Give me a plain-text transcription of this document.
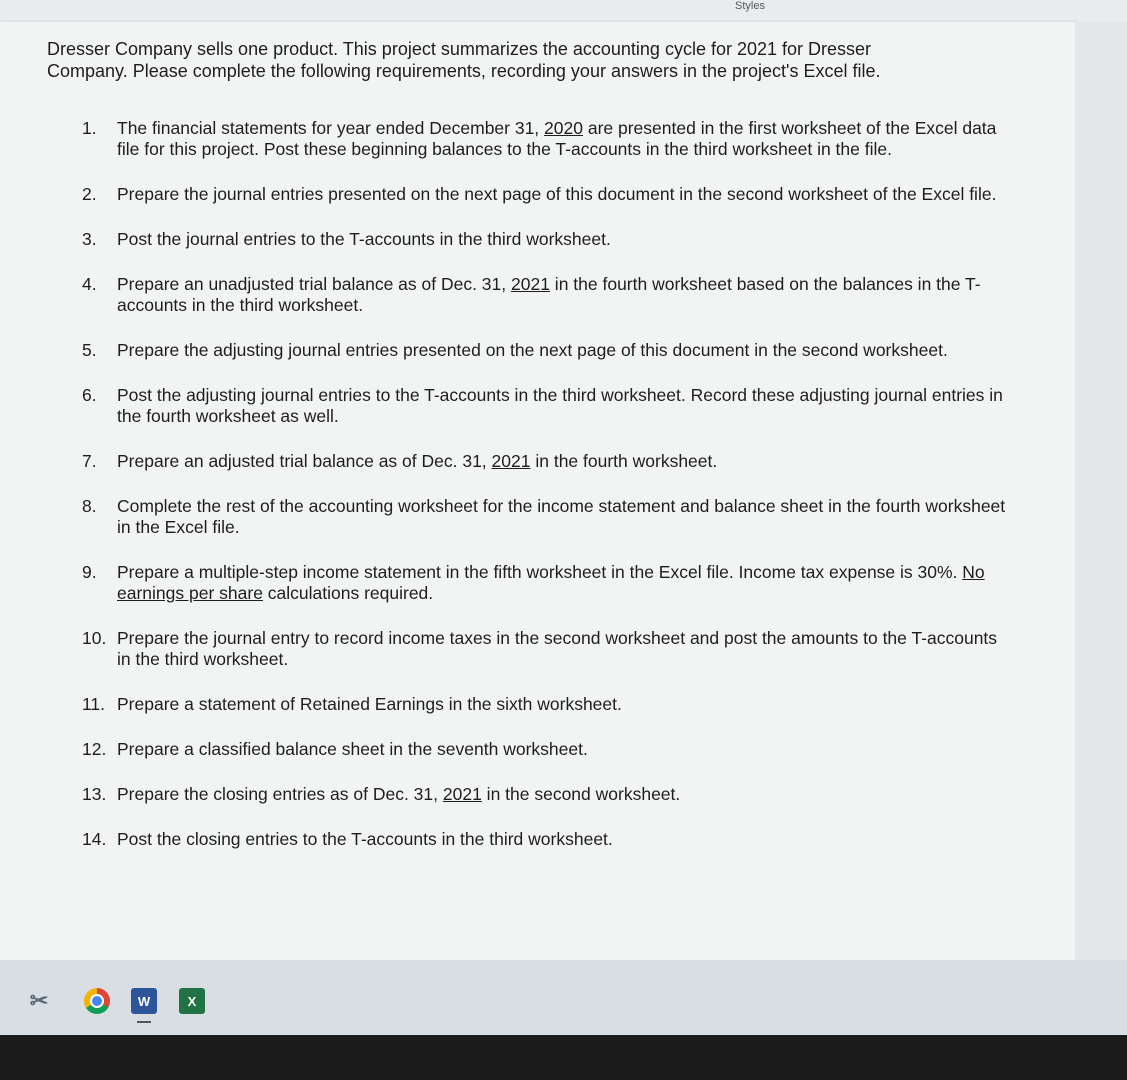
Styles
Dresser Company sells one product. This project summarizes the accounting cycle for 2021 for Dresser
Company. Please complete the following requirements, recording your answers in the project's Excel file.
1.	The financial statements for year ended December 31, 2020 are presented in the first worksheet of the Excel data file for this project. Post these beginning balances to the T-accounts in the third worksheet in the file.
2.	Prepare the journal entries presented on the next page of this document in the second worksheet of the Excel file.
3.	Post the journal entries to the T-accounts in the third worksheet.
4.	Prepare an unadjusted trial balance as of Dec. 31, 2021 in the fourth worksheet based on the balances in the T-accounts in the third worksheet.
5.	Prepare the adjusting journal entries presented on the next page of this document in the second worksheet.
6.	Post the adjusting journal entries to the T-accounts in the third worksheet. Record these adjusting journal entries in the fourth worksheet as well.
7.	Prepare an adjusted trial balance as of Dec. 31, 2021 in the fourth worksheet.
8.	Complete the rest of the accounting worksheet for the income statement and balance sheet in the fourth worksheet in the Excel file.
9.	Prepare a multiple-step income statement in the fifth worksheet in the Excel file. Income tax expense is 30%. No earnings per share calculations required.
10. Prepare the journal entry to record income taxes in the second worksheet and post the amounts to the T-accounts in the third worksheet.
11. Prepare a statement of Retained Earnings in the sixth worksheet.
12. Prepare a classified balance sheet in the seventh worksheet.
13. Prepare the closing entries as of Dec. 31, 2021 in the second worksheet.
14. Post the closing entries to the T-accounts in the third worksheet.
✂	W	X
